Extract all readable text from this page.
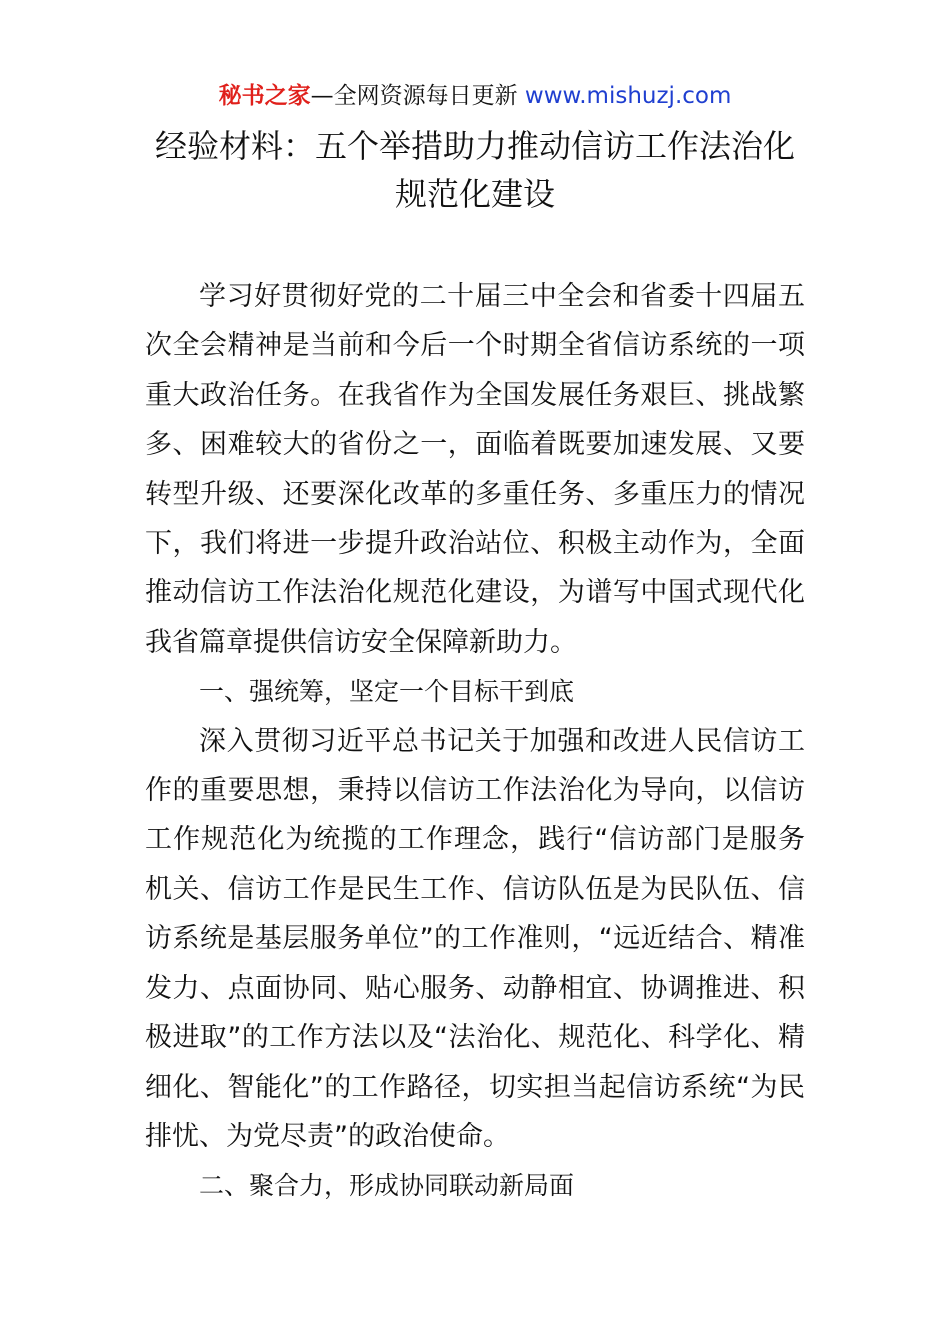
秘书之家—全网资源每日更新 www.mishuzj.com
经验材料：五个举措助力推动信访工作法治化规范化建设

学习好贯彻好党的二十届三中全会和省委十四届五次全会精神是当前和今后一个时期全省信访系统的一项重大政治任务。在我省作为全国发展任务艰巨、挑战繁多、困难较大的省份之一，面临着既要加速发展、又要转型升级、还要深化改革的多重任务、多重压力的情况下，我们将进一步提升政治站位、积极主动作为，全面推动信访工作法治化规范化建设，为谱写中国式现代化我省篇章提供信访安全保障新助力。

一、强统筹，坚定一个目标干到底

深入贯彻习近平总书记关于加强和改进人民信访工作的重要思想，秉持以信访工作法治化为导向，以信访工作规范化为统揽的工作理念，践行“信访部门是服务机关、信访工作是民生工作、信访队伍是为民队伍、信访系统是基层服务单位”的工作准则，“远近结合、精准发力、点面协同、贴心服务、动静相宜、协调推进、积极进取”的工作方法以及“法治化、规范化、科学化、精细化、智能化”的工作路径，切实担当起信访系统“为民排忧、为党尽责”的政治使命。

二、聚合力，形成协同联动新局面
